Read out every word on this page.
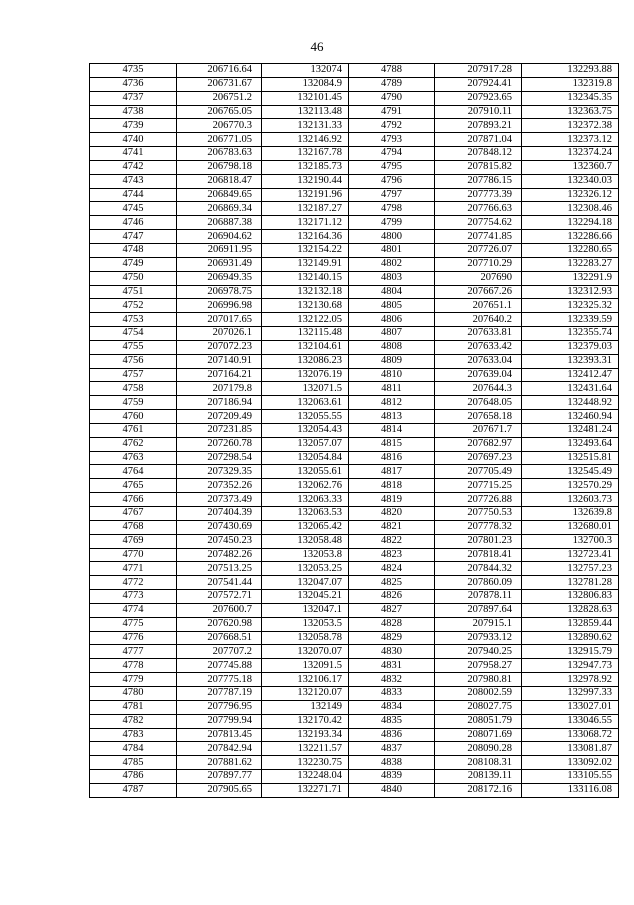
46
4735	206716.64	132074	4788	207917.28	132293.88
4736	206731.67	132084.9	4789	207924.41	132319.8
4737	206751.2	132101.45	4790	207923.65	132345.35
4738	206765.05	132113.48	4791	207910.11	132363.75
4739	206770.3	132131.33	4792	207893.21	132372.38
4740	206771.05	132146.92	4793	207871.04	132373.12
4741	206783.63	132167.78	4794	207848.12	132374.24
4742	206798.18	132185.73	4795	207815.82	132360.7
4743	206818.47	132190.44	4796	207786.15	132340.03
4744	206849.65	132191.96	4797	207773.39	132326.12
4745	206869.34	132187.27	4798	207766.63	132308.46
4746	206887.38	132171.12	4799	207754.62	132294.18
4747	206904.62	132164.36	4800	207741.85	132286.66
4748	206911.95	132154.22	4801	207726.07	132280.65
4749	206931.49	132149.91	4802	207710.29	132283.27
4750	206949.35	132140.15	4803	207690	132291.9
4751	206978.75	132132.18	4804	207667.26	132312.93
4752	206996.98	132130.68	4805	207651.1	132325.32
4753	207017.65	132122.05	4806	207640.2	132339.59
4754	207026.1	132115.48	4807	207633.81	132355.74
4755	207072.23	132104.61	4808	207633.42	132379.03
4756	207140.91	132086.23	4809	207633.04	132393.31
4757	207164.21	132076.19	4810	207639.04	132412.47
4758	207179.8	132071.5	4811	207644.3	132431.64
4759	207186.94	132063.61	4812	207648.05	132448.92
4760	207209.49	132055.55	4813	207658.18	132460.94
4761	207231.85	132054.43	4814	207671.7	132481.24
4762	207260.78	132057.07	4815	207682.97	132493.64
4763	207298.54	132054.84	4816	207697.23	132515.81
4764	207329.35	132055.61	4817	207705.49	132545.49
4765	207352.26	132062.76	4818	207715.25	132570.29
4766	207373.49	132063.33	4819	207726.88	132603.73
4767	207404.39	132063.53	4820	207750.53	132639.8
4768	207430.69	132065.42	4821	207778.32	132680.01
4769	207450.23	132058.48	4822	207801.23	132700.3
4770	207482.26	132053.8	4823	207818.41	132723.41
4771	207513.25	132053.25	4824	207844.32	132757.23
4772	207541.44	132047.07	4825	207860.09	132781.28
4773	207572.71	132045.21	4826	207878.11	132806.83
4774	207600.7	132047.1	4827	207897.64	132828.63
4775	207620.98	132053.5	4828	207915.1	132859.44
4776	207668.51	132058.78	4829	207933.12	132890.62
4777	207707.2	132070.07	4830	207940.25	132915.79
4778	207745.88	132091.5	4831	207958.27	132947.73
4779	207775.18	132106.17	4832	207980.81	132978.92
4780	207787.19	132120.07	4833	208002.59	132997.33
4781	207796.95	132149	4834	208027.75	133027.01
4782	207799.94	132170.42	4835	208051.79	133046.55
4783	207813.45	132193.34	4836	208071.69	133068.72
4784	207842.94	132211.57	4837	208090.28	133081.87
4785	207881.62	132230.75	4838	208108.31	133092.02
4786	207897.77	132248.04	4839	208139.11	133105.55
4787	207905.65	132271.71	4840	208172.16	133116.08
